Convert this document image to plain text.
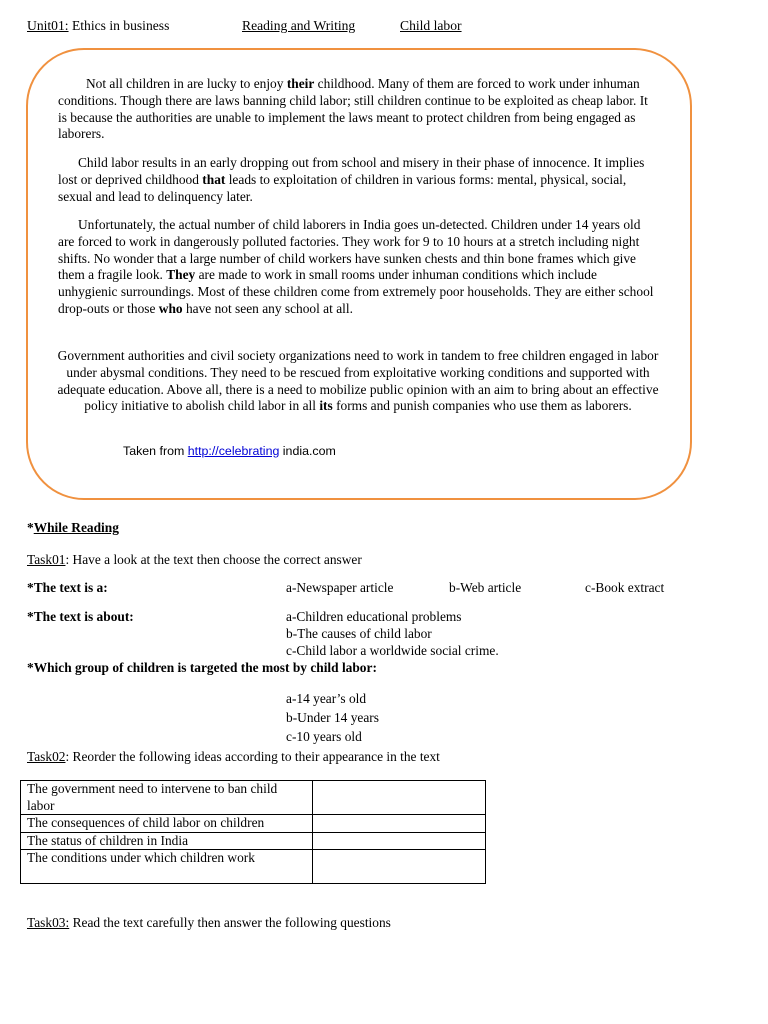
Unit01: Ethics in business	Reading and Writing	Child labor

Not all children in are lucky to enjoy their childhood. Many of them are forced to work under inhuman conditions. Though there are laws banning child labor; still children continue to be exploited as cheap labor. It is because the authorities are unable to implement the laws meant to protect children from being engaged as laborers.

Child labor results in an early dropping out from school and misery in their phase of innocence. It implies lost or deprived childhood that leads to exploitation of children in various forms: mental, physical, social, sexual and lead to delinquency later.

Unfortunately, the actual number of child laborers in India goes un-detected. Children under 14 years old are forced to work in dangerously polluted factories. They work for 9 to 10 hours at a stretch including night shifts. No wonder that a large number of child workers have sunken chests and thin bone frames which give them a fragile look. They are made to work in small rooms under inhuman conditions which include unhygienic surroundings. Most of these children come from extremely poor households. They are either school drop-outs or those who have not seen any school at all.

Government authorities and civil society organizations need to work in tandem to free children engaged in labor under abysmal conditions. They need to be rescued from exploitative working conditions and supported with adequate education. Above all, there is a need to mobilize public opinion with an aim to bring about an effective policy initiative to abolish child labor in all its forms and punish companies who use them as laborers.

Taken from http://celebrating india.com
*While Reading
Task01: Have a look at the text then choose the correct answer
*The text is a:	a-Newspaper article	b-Web article	c-Book extract
*The text is about:	a-Children educational problems
b-The causes of child labor
c-Child labor a worldwide social crime.
*Which group of children is targeted the most by child labor:
a-14 year’s old
b-Under 14 years
c-10 years old
Task02: Reorder the following ideas according to their appearance in the text
The government need to intervene to ban child labor	
The consequences of child labor on children	
The status of children in India	
The conditions under which children work	
Task03: Read the text carefully then answer the following questions
